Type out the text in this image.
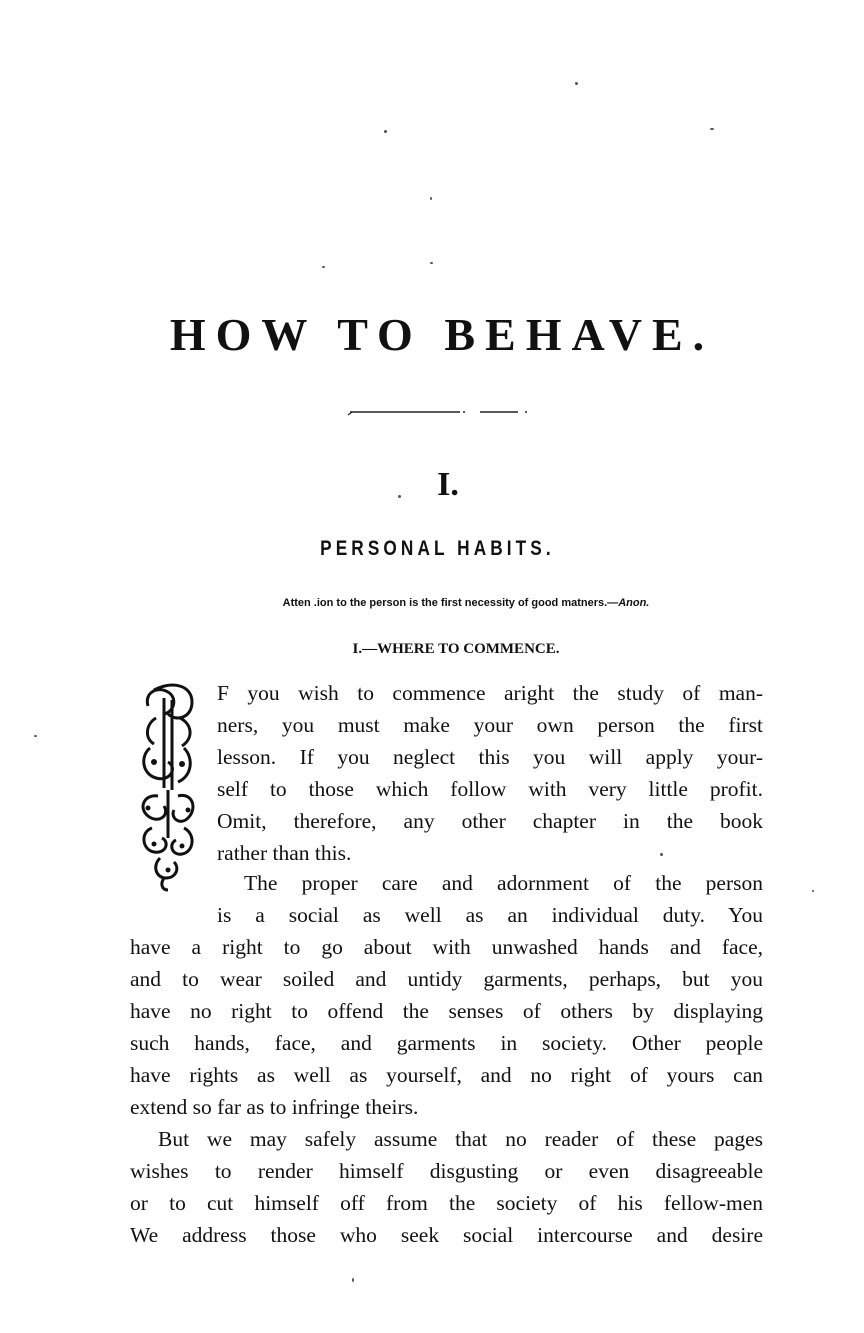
HOW TO BEHAVE.
I.
PERSONAL HABITS.

Atten .ion to the person is the first necessity of good matners.—Anon.

I.—WHERE TO COMMENCE.

F you wish to commence aright the study of man-

ners, you must make your own person the first

lesson. If you neglect this you will apply your-

self to those which follow with very little profit.

Omit, therefore, any other chapter in the book

rather than this.

The proper care and adornment of the person

is a social as well as an individual duty. You

have a right to go about with unwashed hands and face,

and to wear soiled and untidy garments, perhaps, but you

have no right to offend the senses of others by displaying

such hands, face, and garments in society. Other people

have rights as well as yourself, and no right of yours can

extend so far as to infringe theirs.

But we may safely assume that no reader of these pages

wishes to render himself disgusting or even disagreeable

or to cut himself off from the society of his fellow-men

We address those who seek social intercourse and desire
